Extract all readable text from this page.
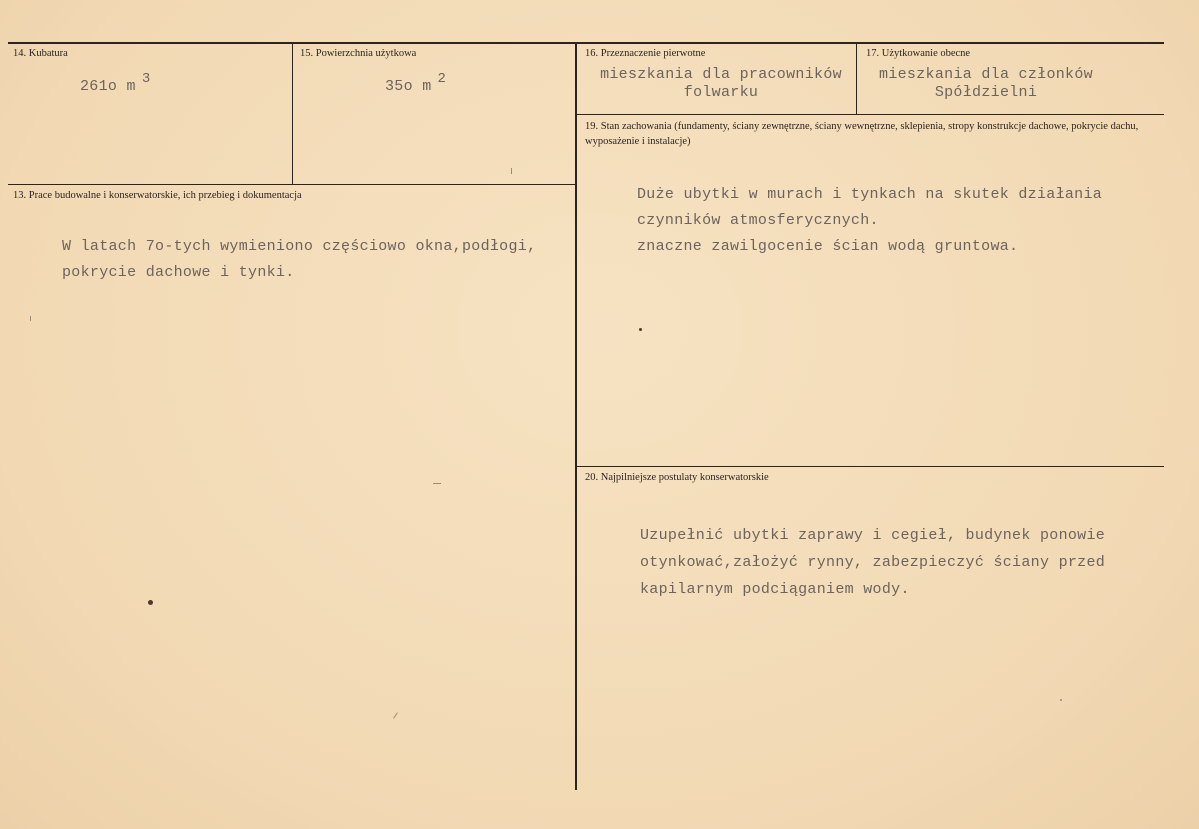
14. Kubatura
261o m $^3$
15. Powierzchnia użytkowa
35o m $^2$
16. Przeznaczenie pierwotne
mieszkania dla pracowników
folwarku
17. Użytkowanie obecne
mieszkania dla członków
Spółdzielni
13. Prace budowalne i konserwatorskie, ich przebieg i dokumentacja
W latach 7o-tych wymieniono częściowo okna,podłogi,
pokrycie dachowe i tynki.
19. Stan zachowania (fundamenty, ściany zewnętrzne, ściany wewnętrzne, sklepienia, stropy konstrukcje dachowe, pokrycie dachu, wyposażenie i instalacje)
Duże ubytki w murach i tynkach na skutek działania
czynników atmosferycznych.
znaczne zawilgocenie ścian wodą gruntowa.
20. Najpilniejsze postulaty konserwatorskie
Uzupełnić ubytki zaprawy i cegieł, budynek ponowie
otynkować,założyć rynny, zabezpieczyć ściany przed
kapilarnym podciąganiem wody.
